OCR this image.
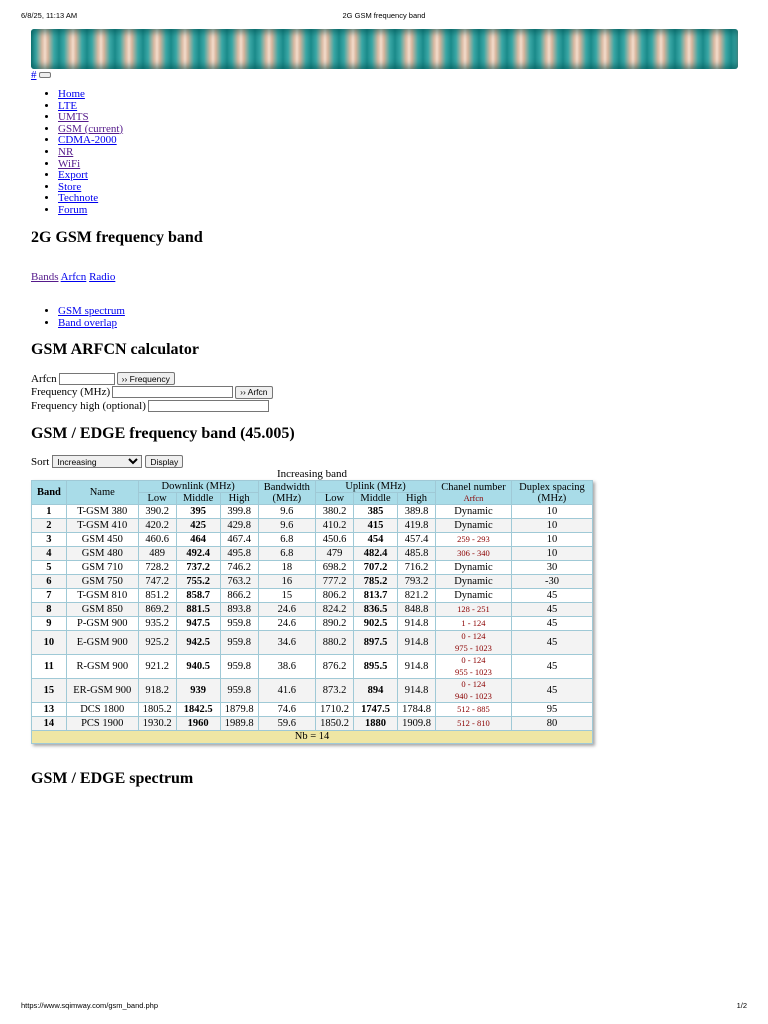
6/8/25, 11:13 AM	2G GSM frequency band
#
• Home
• LTE
• UMTS
• GSM (current)
• CDMA-2000
• NR
• WiFi
• Export
• Store
• Technote
• Forum
2G GSM frequency band
Bands Arfcn Radio
• GSM spectrum
• Band overlap
GSM ARFCN calculator
Arfcn	›› Frequency
Frequency (MHz)	›› Arfcn
Frequency high (optional)
GSM / EDGE frequency band (45.005)
Sort
Increasing	Display
Increasing band
Band	Name	Downlink (MHz)			Bandwidth
(MHz)	Uplink (MHz)			Chanel number
Arfcn	Duplex spacing
(MHz)
		Low	Middle	High		Low	Middle	High		
1	T-GSM 380	390.2	395	399.8	9.6	380.2	385	389.8	Dynamic	10
2	T-GSM 410	420.2	425	429.8	9.6	410.2	415	419.8	Dynamic	10
3	GSM 450	460.6	464	467.4	6.8	450.6	454	457.4	259 - 293	10
4	GSM 480	489	492.4	495.8	6.8	479	482.4	485.8	306 - 340	10
5	GSM 710	728.2	737.2	746.2	18	698.2	707.2	716.2	Dynamic	30
6	GSM 750	747.2	755.2	763.2	16	777.2	785.2	793.2	Dynamic	-30
7	T-GSM 810	851.2	858.7	866.2	15	806.2	813.7	821.2	Dynamic	45
8	GSM 850	869.2	881.5	893.8	24.6	824.2	836.5	848.8	128 - 251	45
9	P-GSM 900	935.2	947.5	959.8	24.6	890.2	902.5	914.8	1 - 124	45
10	E-GSM 900	925.2	942.5	959.8	34.6	880.2	897.5	914.8	0 - 124
975 - 1023	45
11	R-GSM 900	921.2	940.5	959.8	38.6	876.2	895.5	914.8	0 - 124
955 - 1023	45
15	ER-GSM 900	918.2	939	959.8	41.6	873.2	894	914.8	0 - 124
940 - 1023	45
13	DCS 1800	1805.2	1842.5	1879.8	74.6	1710.2	1747.5	1784.8	512 - 885	95
14	PCS 1900	1930.2	1960	1989.8	59.6	1850.2	1880	1909.8	512 - 810	80
Nb = 14										
GSM / EDGE spectrum
https://www.sqimway.com/gsm_band.php	1/2
